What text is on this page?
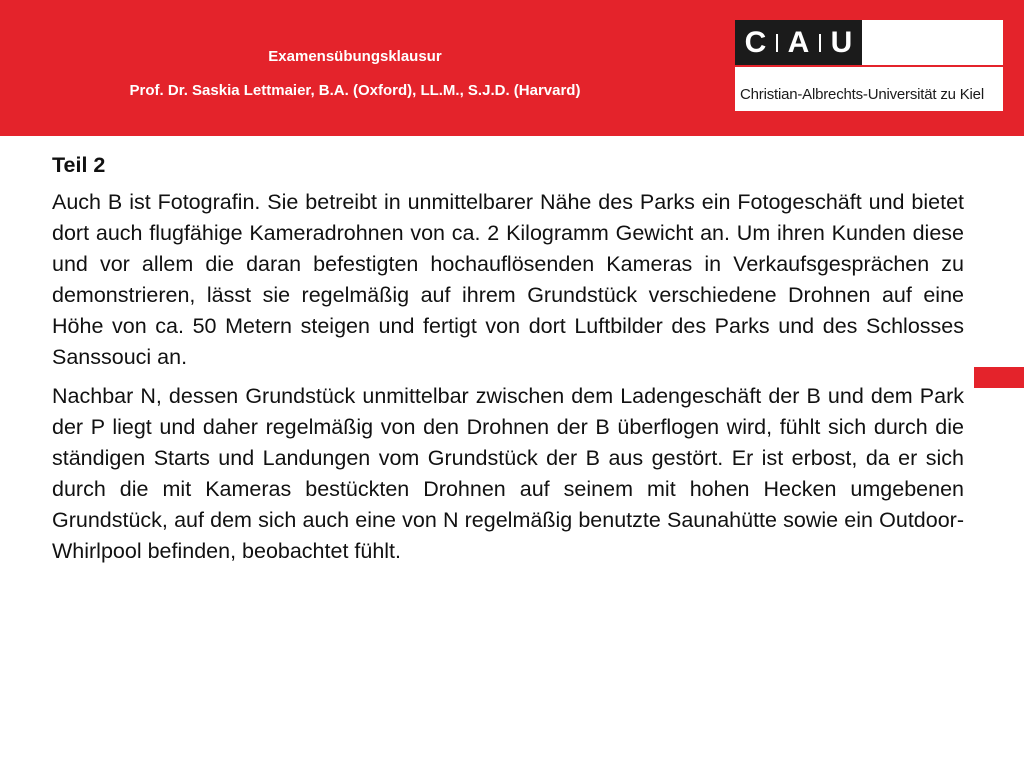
Examensübungsklausur
Prof. Dr. Saskia Lettmaier, B.A. (Oxford), LL.M., S.J.D. (Harvard)
C A U
Christian-Albrechts-Universität zu Kiel

Teil 2

Auch B ist Fotografin. Sie betreibt in unmittelbarer Nähe des Parks ein Fotogeschäft und bietet dort auch flugfähige Kameradrohnen von ca. 2 Kilogramm Gewicht an. Um ihren Kunden diese und vor allem die daran befestigten hochauflösenden Kameras in Verkaufsgesprächen zu demonstrieren, lässt sie regelmäßig auf ihrem Grundstück verschiedene Drohnen auf eine Höhe von ca. 50 Metern steigen und fertigt von dort Luftbilder des Parks und des Schlosses Sanssouci an.

Nachbar N, dessen Grundstück unmittelbar zwischen dem Ladengeschäft der B und dem Park der P liegt und daher regelmäßig von den Drohnen der B überflogen wird, fühlt sich durch die ständigen Starts und Landungen vom Grundstück der B aus gestört. Er ist erbost, da er sich durch die mit Kameras bestückten Drohnen auf seinem mit hohen Hecken umgebenen Grundstück, auf dem sich auch eine von N regelmäßig benutzte Saunahütte sowie ein Outdoor-Whirlpool befinden, beobachtet fühlt.
